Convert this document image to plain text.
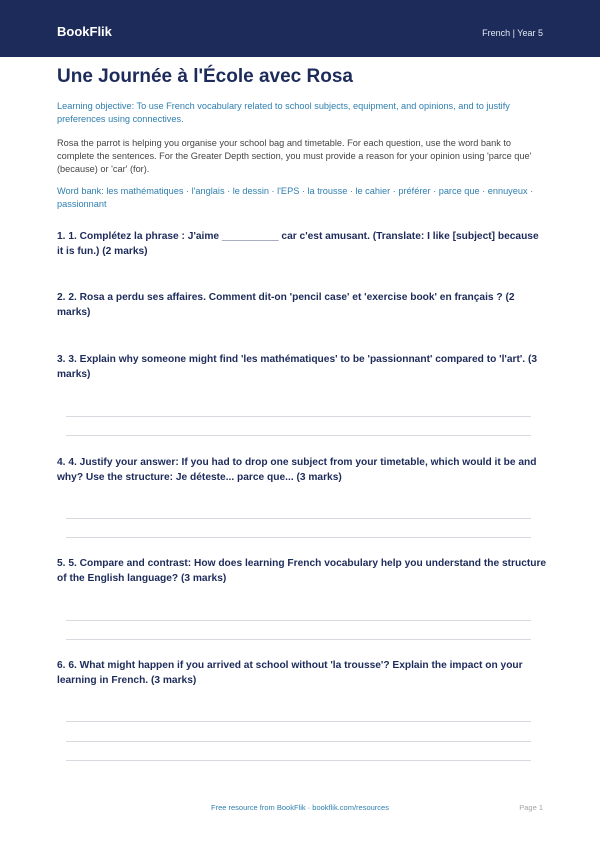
BookFlik	French | Year 5
Une Journée à l'École avec Rosa

Learning objective: To use French vocabulary related to school subjects, equipment, and opinions, and to justify preferences using connectives.

Rosa the parrot is helping you organise your school bag and timetable. For each question, use the word bank to complete the sentences. For the Greater Depth section, you must provide a reason for your opinion using 'parce que' (because) or 'car' (for).

Word bank: les mathématiques · l'anglais · le dessin · l'EPS · la trousse · le cahier · préférer · parce que · ennuyeux · passionnant

1. 1. Complétez la phrase : J'aime __________ car c'est amusant. (Translate: I like [subject] because it is fun.) (2 marks)

2. 2. Rosa a perdu ses affaires. Comment dit-on 'pencil case' et 'exercise book' en français ? (2 marks)

3. 3. Explain why someone might find 'les mathématiques' to be 'passionnant' compared to 'l'art'. (3 marks)

4. 4. Justify your answer: If you had to drop one subject from your timetable, which would it be and why? Use the structure: Je déteste... parce que... (3 marks)

5. 5. Compare and contrast: How does learning French vocabulary help you understand the structure of the English language? (3 marks)

6. 6. What might happen if you arrived at school without 'la trousse'? Explain the impact on your learning in French. (3 marks)

Free resource from BookFlik · bookflik.com/resources	Page 1
